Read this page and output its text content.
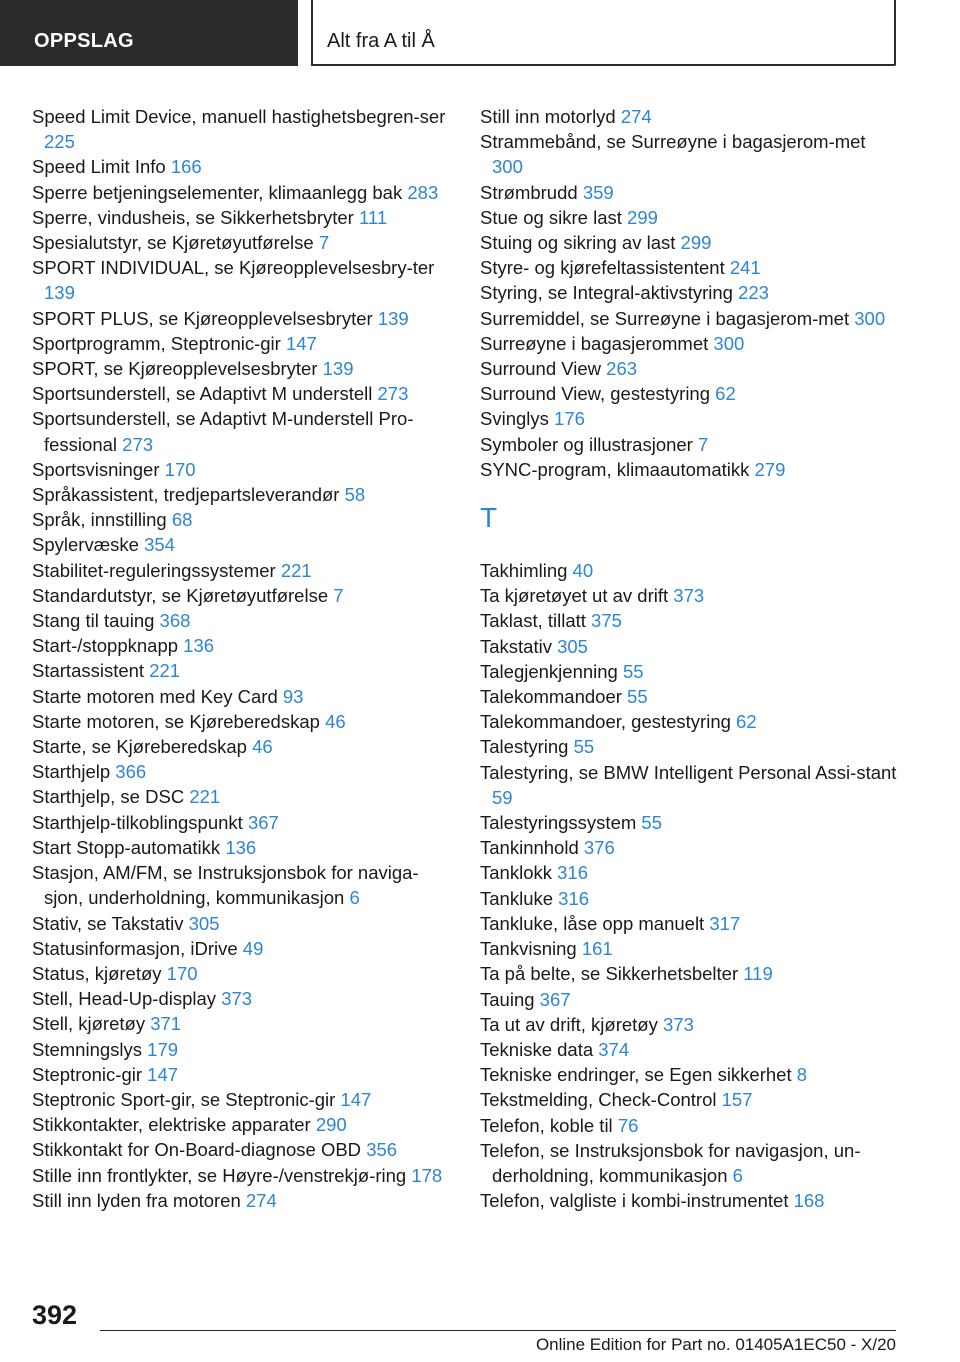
OPPSLAG	Alt fra A til Å
Speed Limit Device, manuell hastighetsbegren‐ser 225
Speed Limit Info 166
Sperre betjeningselementer, klimaanlegg bak 283
Sperre, vindusheis, se Sikkerhetsbryter 111
Spesialutstyr, se Kjøretøyutførelse 7
SPORT INDIVIDUAL, se Kjøreopplevelsesbry‐ter 139
SPORT PLUS, se Kjøreopplevelsesbryter 139
Sportprogramm, Steptronic-gir 147
SPORT, se Kjøreopplevelsesbryter 139
Sportsunderstell, se Adaptivt M understell 273
Sportsunderstell, se Adaptivt M-understell Pro‐fessional 273
Sportsvisninger 170
Språkassistent, tredjepartsleverandør 58
Språk, innstilling 68
Spylervæske 354
Stabilitet-reguleringssystemer 221
Standardutstyr, se Kjøretøyutførelse 7
Stang til tauing 368
Start-/stoppknapp 136
Startassistent 221
Starte motoren med Key Card 93
Starte motoren, se Kjøreberedskap 46
Starte, se Kjøreberedskap 46
Starthjelp 366
Starthjelp, se DSC 221
Starthjelp-tilkoblingspunkt 367
Start Stopp-automatikk 136
Stasjon, AM/FM, se Instruksjonsbok for naviga‐sjon, underholdning, kommunikasjon 6
Stativ, se Takstativ 305
Statusinformasjon, iDrive 49
Status, kjøretøy 170
Stell, Head-Up-display 373
Stell, kjøretøy 371
Stemningslys 179
Steptronic-gir 147
Steptronic Sport-gir, se Steptronic-gir 147
Stikkontakter, elektriske apparater 290
Stikkontakt for On-Board-diagnose OBD 356
Stille inn frontlykter, se Høyre-/venstrekjø‐ring 178
Still inn lyden fra motoren 274
Still inn motorlyd 274
Strammebånd, se Surreøyne i bagasjerom‐met 300
Strømbrudd 359
Stue og sikre last 299
Stuing og sikring av last 299
Styre- og kjørefeltassistentent 241
Styring, se Integral-aktivstyring 223
Surremiddel, se Surreøyne i bagasjerom‐met 300
Surreøyne i bagasjerommet 300
Surround View 263
Surround View, gestestyring 62
Svinglys 176
Symboler og illustrasjoner 7
SYNC-program, klimaautomatikk 279
T
Takhimling 40
Ta kjøretøyet ut av drift 373
Taklast, tillatt 375
Takstativ 305
Talegjenkjenning 55
Talekommandoer 55
Talekommandoer, gestestyring 62
Talestyring 55
Talestyring, se BMW Intelligent Personal Assi‐stant 59
Talestyringssystem 55
Tankinnhold 376
Tanklokk 316
Tankluke 316
Tankluke, låse opp manuelt 317
Tankvisning 161
Ta på belte, se Sikkerhetsbelter 119
Tauing 367
Ta ut av drift, kjøretøy 373
Tekniske data 374
Tekniske endringer, se Egen sikkerhet 8
Tekstmelding, Check-Control 157
Telefon, koble til 76
Telefon, se Instruksjonsbok for navigasjon, un‐derholdning, kommunikasjon 6
Telefon, valgliste i kombi-instrumentet 168
392
Online Edition for Part no. 01405A1EC50 - X/20
